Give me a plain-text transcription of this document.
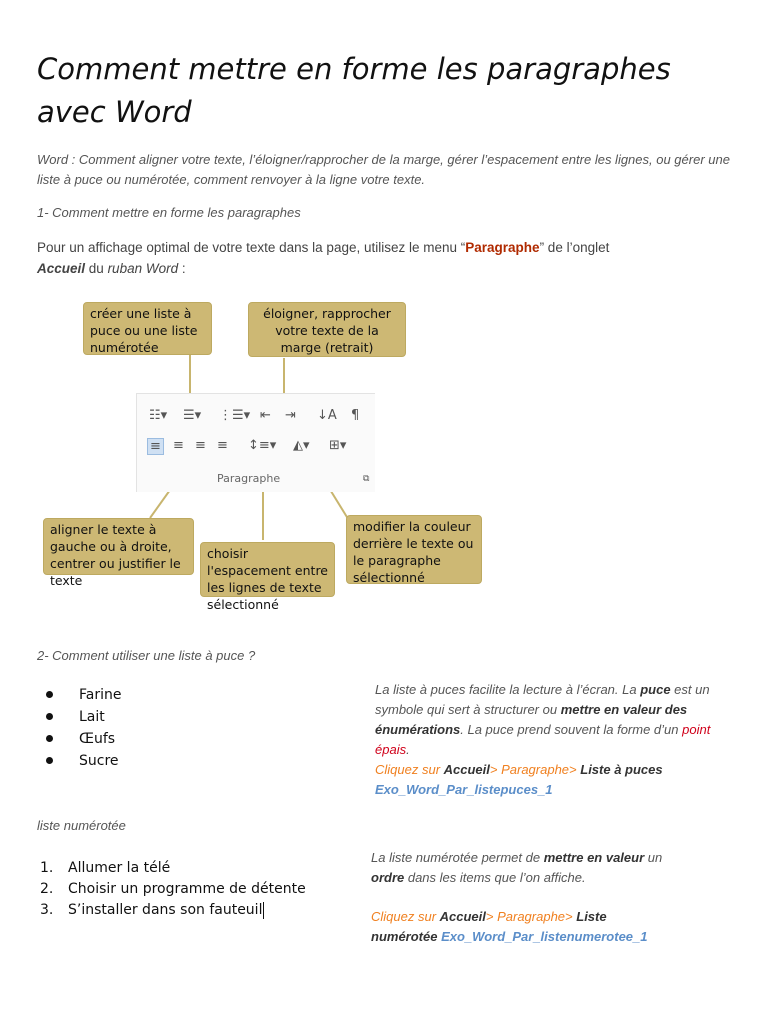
Comment mettre en forme les paragraphes avec Word
Word : Comment aligner votre texte, l’éloigner/rapprocher de la marge, gérer l’espacement entre les lignes, ou gérer une liste à puce ou numérotée, comment renvoyer à la ligne votre texte.
1- Comment mettre en forme les paragraphes
Pour un affichage optimal de votre texte dans la page, utilisez le menu “Paragraphe” de l’onglet Accueil du ruban Word :
créer une liste à puce ou une liste numérotée
éloigner, rapprocher votre texte de la marge (retrait)
☷▾ ☰▾ ⋮☰▾ ⇤ ⇥ ↓A ¶
≡ ≡ ≡ ≡ ↕≡▾ ◭▾ ⊞▾
Paragraphe	⧉
aligner le texte à gauche ou à droite, centrer ou justifier le texte
choisir l'espacement entre les lignes de texte sélectionné
modifier la couleur derrière le texte ou le paragraphe sélectionné
2- Comment utiliser une liste à puce ?
Farine
Lait
Œufs
Sucre
La liste à puces facilite la lecture à l’écran. La puce est un symbole qui sert à structurer ou mettre en valeur des énumérations. La puce prend souvent la forme d’un point épais.
Cliquez sur Accueil> Paragraphe> Liste à puces Exo_Word_Par_listepuces_1
liste numérotée
1. Allumer la télé
2. Choisir un programme de détente
3. S’installer dans son fauteuil
La liste numérotée permet de mettre en valeur un ordre dans les items que l’on affiche.
Cliquez sur Accueil> Paragraphe> Liste numérotée Exo_Word_Par_listenumerotee_1
